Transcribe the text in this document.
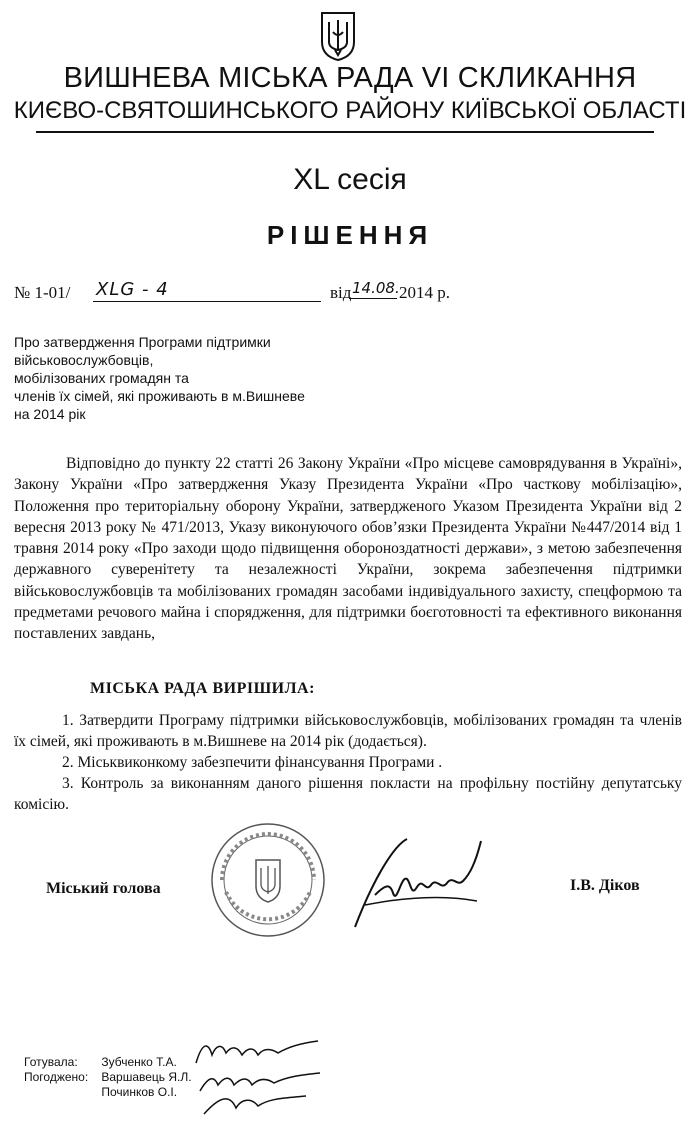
ВИШНЕВА МІСЬКА РАДА VI СКЛИКАННЯ
КИЄВО-СВЯТОШИНСЬКОГО РАЙОНУ КИЇВСЬКОЇ ОБЛАСТІ
XL сесія
РІШЕННЯ
№ 1-01/ XLG - 4	від 14.08. 2014 р.
Про затвердження Програми підтримки
військовослужбовців,
мобілізованих громадян та
членів їх сімей, які проживають в м.Вишневе
на 2014 рік

Відповідно до пункту 22 статті 26 Закону України «Про місцеве самоврядування в Україні», Закону України «Про затвердження Указу Президента України «Про часткову мобілізацію», Положення про територіальну оборону України, затвердженого Указом Президента України від 2 вересня 2013 року № 471/2013, Указу виконуючого обов’язки Президента України №447/2014 від 1 травня 2014 року «Про заходи щодо підвищення обороноздатності держави», з метою забезпечення державного суверенітету та незалежності України, зокрема забезпечення підтримки військовослужбовців та мобілізованих громадян засобами індивідуального захисту, спецформою та предметами речового майна і спорядження, для підтримки боєготовності та ефективного виконання поставлених завдань,

МІСЬКА РАДА ВИРІШИЛА:

1. Затвердити Програму підтримки військовослужбовців, мобілізованих громадян та членів їх сімей, які проживають в м.Вишневе на 2014 рік (додається).

2. Міськвиконкому забезпечити фінансування Програми .

3. Контроль за виконанням даного рішення покласти на профільну постійну депутатську комісію.

Міський голова	І.В. Діков
Готувала: Зубченко Т.А.
Погоджено: Варшавець Я.Л.
Починков О.І.
